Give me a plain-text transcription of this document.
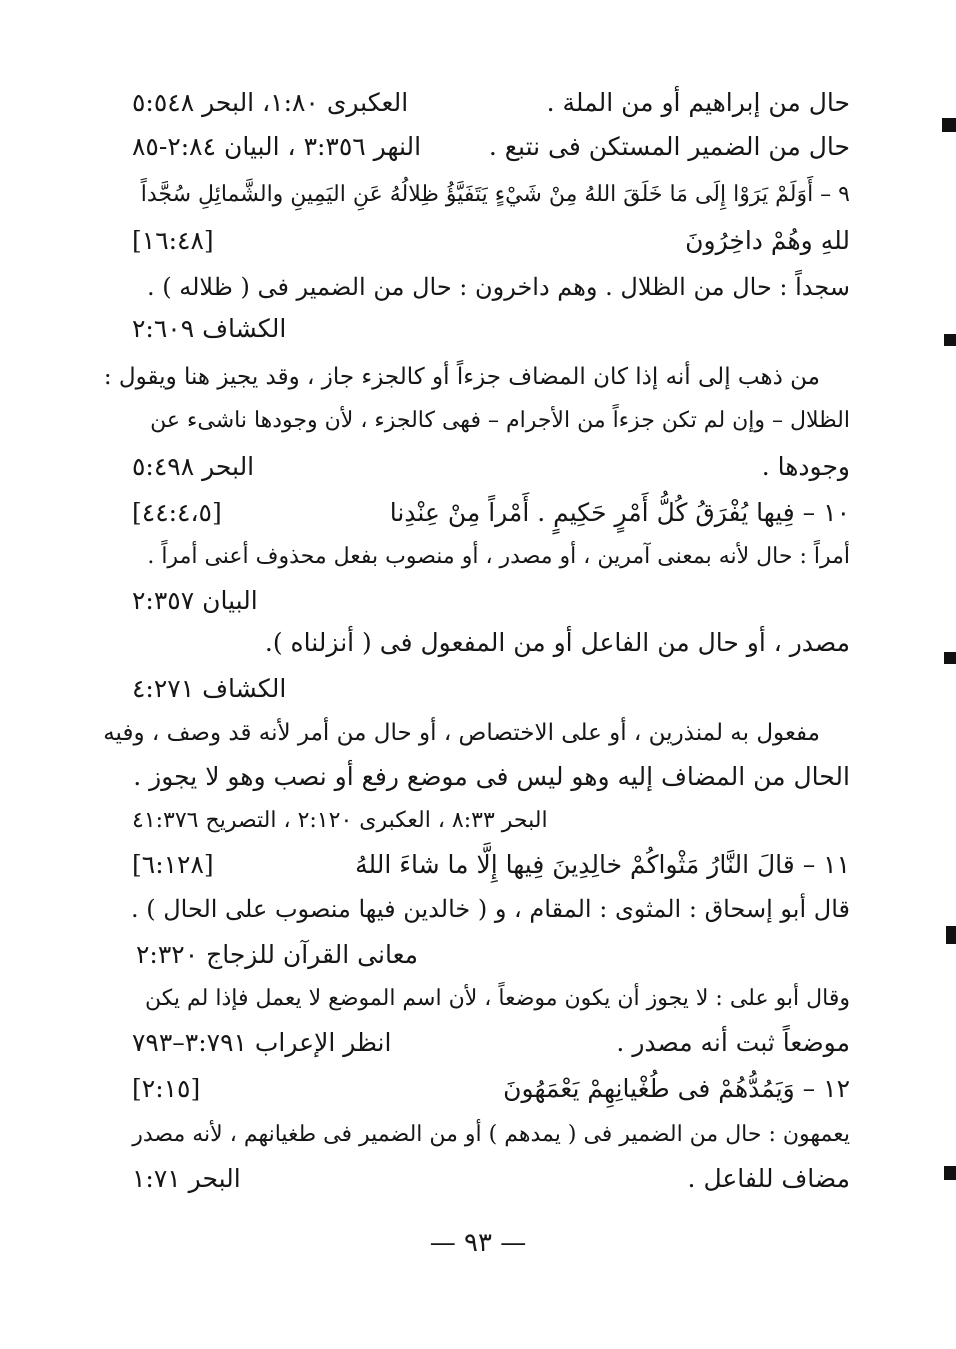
حال من إبراهيم أو من الملة .
العكبرى ١:٨٠، البحر ٥:٥٤٨
حال من الضمير المستكن فى نتبع .
النهر ٣:٣٥٦ ، البيان ٢:٨٤-٨٥
٩ – أَوَلَمْ يَرَوْا إِلَى مَا خَلَقَ اللهُ مِنْ شَيْءٍ يَتَفَيَّؤُ ظِلالُهُ عَنِ اليَمِينِ والشَّمائِلِ سُجَّداً
للهِ وهُمْ داخِرُونَ
[١٦:٤٨]
سجداً : حال من الظلال . وهم داخرون : حال من الضمير فى ( ظلاله ) .
الكشاف ٢:٦٠٩
من ذهب إلى أنه إذا كان المضاف جزءاً أو كالجزء جاز ، وقد يجيز هنا ويقول :
الظلال – وإن لم تكن جزءاً من الأجرام – فهى كالجزء ، لأن وجودها ناشىء عن
وجودها .
البحر ٥:٤٩٨
١٠ – فِيها يُفْرَقُ كُلُّ أَمْرٍ حَكِيمٍ . أَمْراً مِنْ عِنْدِنا
[٤٤:٤،٥]
أمراً : حال لأنه بمعنى آمرين ، أو مصدر ، أو منصوب بفعل محذوف أعنى أمراً .
البيان ٢:٣٥٧
مصدر ، أو حال من الفاعل أو من المفعول فى ( أنزلناه ).
الكشاف ٤:٢٧١
مفعول به لمنذرين ، أو على الاختصاص ، أو حال من أمر لأنه قد وصف ، وفيه
الحال من المضاف إليه وهو ليس فى موضع رفع أو نصب وهو لا يجوز .
البحر ٨:٣٣ ، العكبرى ٢:١٢٠ ، التصريح ٤١:٣٧٦
١١ – قالَ النَّارُ مَثْواكُمْ خالِدِينَ فِيها إِلَّا ما شاءَ اللهُ
[٦:١٢٨]
قال أبو إسحاق : المثوى : المقام ، و ( خالدين فيها منصوب على الحال ) .
معانى القرآن للزجاج ٢:٣٢٠
وقال أبو على : لا يجوز أن يكون موضعاً ، لأن اسم الموضع لا يعمل فإذا لم يكن
موضعاً ثبت أنه مصدر .
انظر الإعراب ٣:٧٩١–٧٩٣
١٢ – وَيَمُدُّهُمْ فى طُغْيانِهِمْ يَعْمَهُونَ
[٢:١٥]
يعمهون : حال من الضمير فى ( يمدهم ) أو من الضمير فى طغيانهم ، لأنه مصدر
مضاف للفاعل .
البحر ١:٧١
— ٩٣ —
